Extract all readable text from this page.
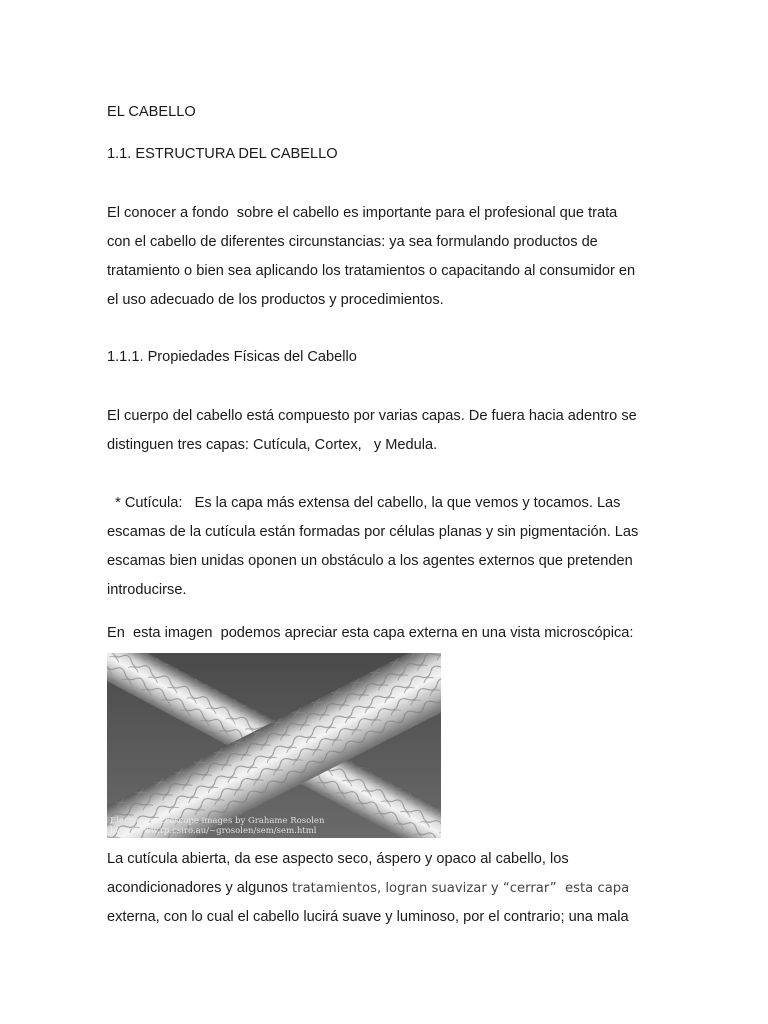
EL CABELLO
1.1. ESTRUCTURA DEL CABELLO
El conocer a fondo  sobre el cabello es importante para el profesional que trata
con el cabello de diferentes circunstancias: ya sea formulando productos de
tratamiento o bien sea aplicando los tratamientos o capacitando al consumidor en
el uso adecuado de los productos y procedimientos.
1.1.1. Propiedades Físicas del Cabello
El cuerpo del cabello está compuesto por varias capas. De fuera hacia adentro se
distinguen tres capas: Cutícula, Cortex,   y Medula.
* Cutícula:   Es la capa más extensa del cabello, la que vemos y tocamos. Las
escamas de la cutícula están formadas por células planas y sin pigmentación. Las
escamas bien unidas oponen un obstáculo a los agentes externos que pretenden
introducirse.
En  esta imagen  podemos apreciar esta capa externa en una vista microscópica:
La cutícula abierta, da ese aspecto seco, áspero y opaco al cabello, los
acondicionadores y algunos tratamientos, logran suavizar y “cerrar”  esta capa
externa, con lo cual el cabello lucirá suave y luminoso, por el contrario; una mala
Electron microscope images by Grahame Rosolen
http://www.rp.csiro.au/~grosolen/sem/sem.html
